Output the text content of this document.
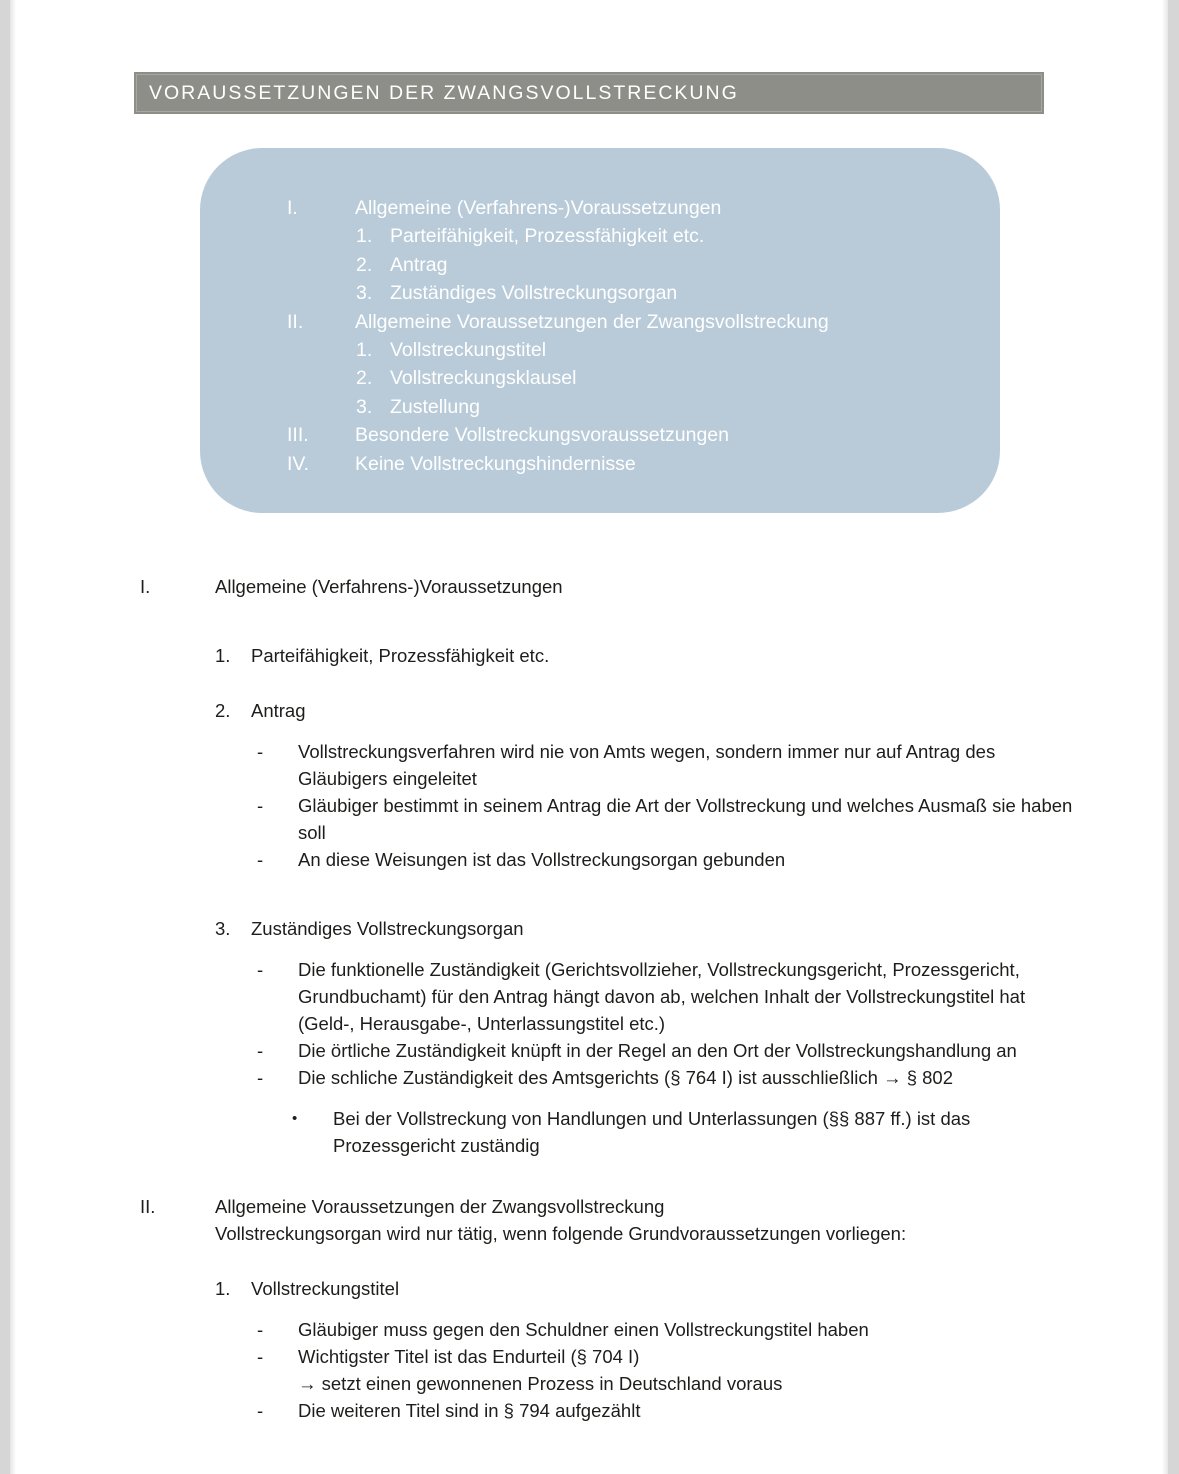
VORAUSSETZUNGEN DER ZWANGSVOLLSTRECKUNG
I.	Allgemeine (Verfahrens-)Voraussetzungen
1. Parteifähigkeit, Prozessfähigkeit etc.
2. Antrag
3. Zuständiges Vollstreckungsorgan
II.	Allgemeine Voraussetzungen der Zwangsvollstreckung
1. Vollstreckungstitel
2. Vollstreckungsklausel
3. Zustellung
III.	Besondere Vollstreckungsvoraussetzungen
IV.	Keine Vollstreckungshindernisse
I.	Allgemeine (Verfahrens-)Voraussetzungen
1.	Parteifähigkeit, Prozessfähigkeit etc.
2.	Antrag
-	Vollstreckungsverfahren wird nie von Amts wegen, sondern immer nur auf Antrag des Gläubigers eingeleitet
-	Gläubiger bestimmt in seinem Antrag die Art der Vollstreckung und welches Ausmaß sie haben soll
-	An diese Weisungen ist das Vollstreckungsorgan gebunden
3.	Zuständiges Vollstreckungsorgan
-	Die funktionelle Zuständigkeit (Gerichtsvollzieher, Vollstreckungsgericht, Prozessgericht, Grundbuchamt) für den Antrag hängt davon ab, welchen Inhalt der Vollstreckungstitel hat (Geld-, Herausgabe-, Unterlassungstitel etc.)
-	Die örtliche Zuständigkeit knüpft in der Regel an den Ort der Vollstreckungshandlung an
-	Die schliche Zuständigkeit des Amtsgerichts (§ 764 I) ist ausschließlich → § 802
•	Bei der Vollstreckung von Handlungen und Unterlassungen (§§ 887 ff.) ist das Prozessgericht zuständig
II.	Allgemeine Voraussetzungen der Zwangsvollstreckung
Vollstreckungsorgan wird nur tätig, wenn folgende Grundvoraussetzungen vorliegen:
1.	Vollstreckungstitel
-	Gläubiger muss gegen den Schuldner einen Vollstreckungstitel haben
-	Wichtigster Titel ist das Endurteil (§ 704 I)
→ setzt einen gewonnenen Prozess in Deutschland voraus
-	Die weiteren Titel sind in § 794 aufgezählt
